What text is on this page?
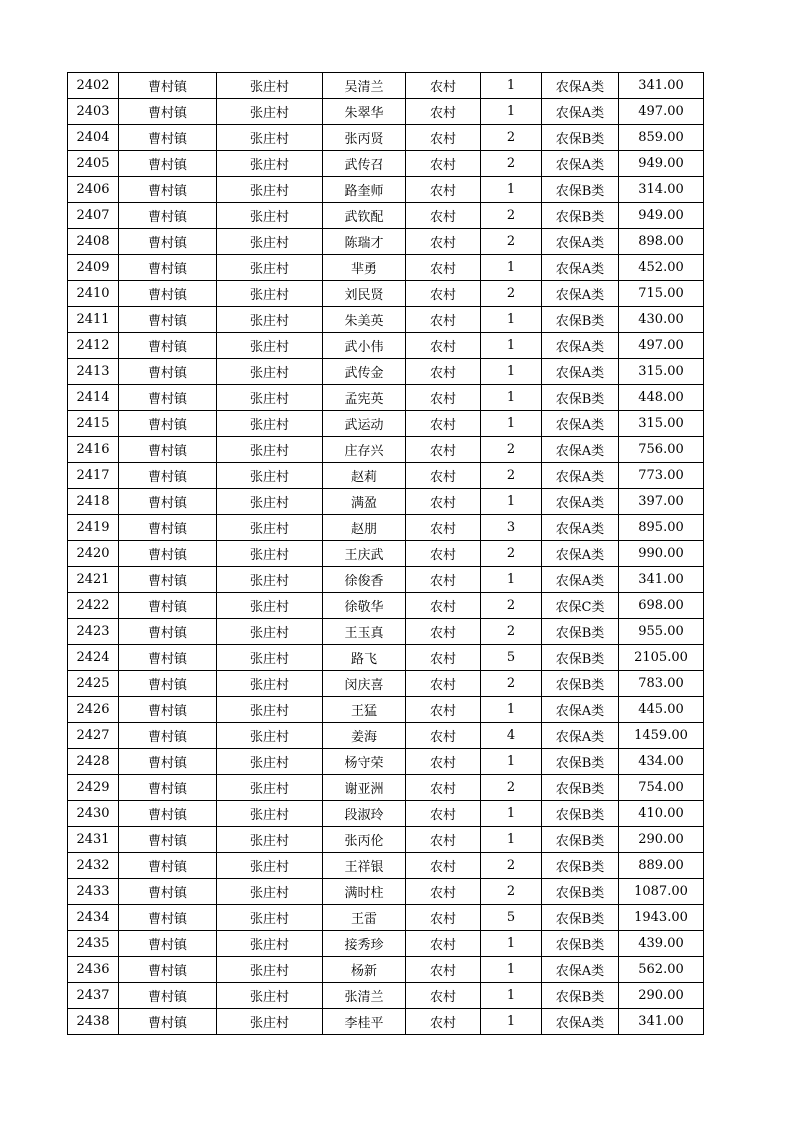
2402	曹村镇	张庄村	吴清兰	农村	1	农保A类	341.00
2403	曹村镇	张庄村	朱翠华	农村	1	农保A类	497.00
2404	曹村镇	张庄村	张丙贤	农村	2	农保B类	859.00
2405	曹村镇	张庄村	武传召	农村	2	农保A类	949.00
2406	曹村镇	张庄村	路奎师	农村	1	农保B类	314.00
2407	曹村镇	张庄村	武钦配	农村	2	农保B类	949.00
2408	曹村镇	张庄村	陈瑞才	农村	2	农保A类	898.00
2409	曹村镇	张庄村	芈勇	农村	1	农保A类	452.00
2410	曹村镇	张庄村	刘民贤	农村	2	农保A类	715.00
2411	曹村镇	张庄村	朱美英	农村	1	农保B类	430.00
2412	曹村镇	张庄村	武小伟	农村	1	农保A类	497.00
2413	曹村镇	张庄村	武传金	农村	1	农保A类	315.00
2414	曹村镇	张庄村	孟宪英	农村	1	农保B类	448.00
2415	曹村镇	张庄村	武运动	农村	1	农保A类	315.00
2416	曹村镇	张庄村	庄存兴	农村	2	农保A类	756.00
2417	曹村镇	张庄村	赵莉	农村	2	农保A类	773.00
2418	曹村镇	张庄村	满盈	农村	1	农保A类	397.00
2419	曹村镇	张庄村	赵朋	农村	3	农保A类	895.00
2420	曹村镇	张庄村	王庆武	农村	2	农保A类	990.00
2421	曹村镇	张庄村	徐俊香	农村	1	农保A类	341.00
2422	曹村镇	张庄村	徐敬华	农村	2	农保C类	698.00
2423	曹村镇	张庄村	王玉真	农村	2	农保B类	955.00
2424	曹村镇	张庄村	路飞	农村	5	农保B类	2105.00
2425	曹村镇	张庄村	闵庆喜	农村	2	农保B类	783.00
2426	曹村镇	张庄村	王猛	农村	1	农保A类	445.00
2427	曹村镇	张庄村	姜海	农村	4	农保A类	1459.00
2428	曹村镇	张庄村	杨守荣	农村	1	农保B类	434.00
2429	曹村镇	张庄村	谢亚洲	农村	2	农保B类	754.00
2430	曹村镇	张庄村	段淑玲	农村	1	农保B类	410.00
2431	曹村镇	张庄村	张丙伦	农村	1	农保B类	290.00
2432	曹村镇	张庄村	王祥银	农村	2	农保B类	889.00
2433	曹村镇	张庄村	满时柱	农村	2	农保B类	1087.00
2434	曹村镇	张庄村	王雷	农村	5	农保B类	1943.00
2435	曹村镇	张庄村	接秀珍	农村	1	农保B类	439.00
2436	曹村镇	张庄村	杨新	农村	1	农保A类	562.00
2437	曹村镇	张庄村	张清兰	农村	1	农保B类	290.00
2438	曹村镇	张庄村	李桂平	农村	1	农保A类	341.00
